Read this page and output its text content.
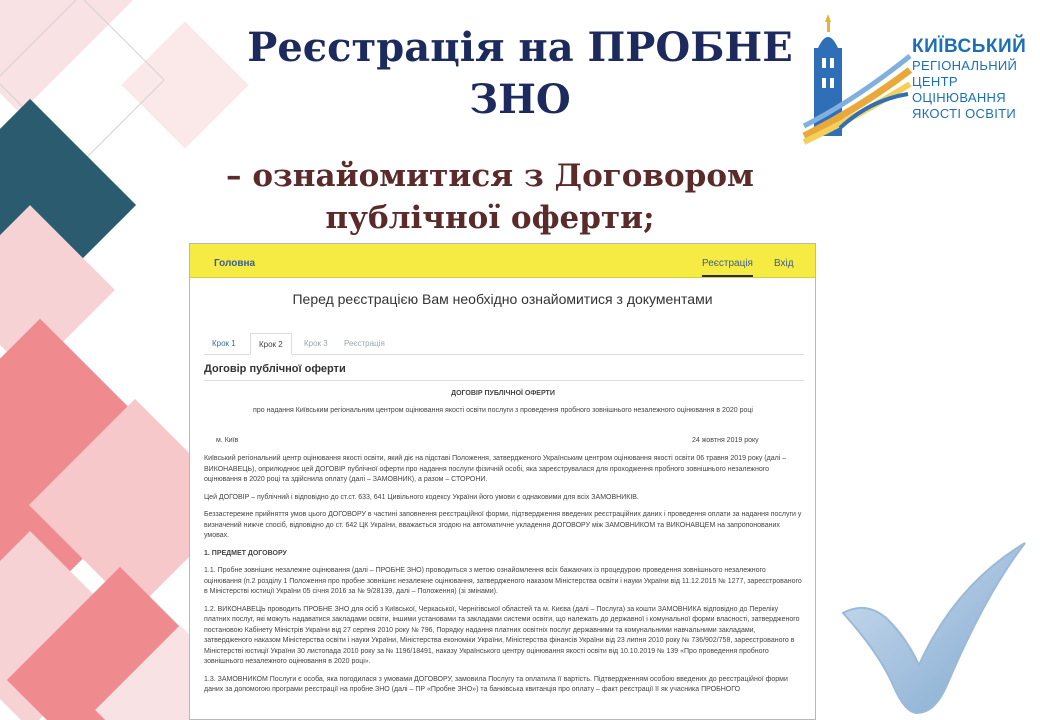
Реєстрація на ПРОБНЕ ЗНО
– ознайомитися з Договором публічної оферти;
КИЇВСЬКИЙ
РЕГІОНАЛЬНИЙ
ЦЕНТР ОЦІНЮВАННЯ
ЯКОСТІ ОСВІТИ
Головна	Реєстрація Вхід
Перед реєстрацією Вам необхідно ознайомитися з документами
Крок 1	Крок 2	Крок 3	Реєстрація
Договір публічної оферти
ДОГОВІР ПУБЛІЧНОЇ ОФЕРТИ
про надання Київським регіональним центром оцінювання якості освіти послуги з проведення пробного зовнішнього незалежного оцінювання в 2020 році
м. Київ	24 жовтня 2019 року
Київський регіональний центр оцінювання якості освіти, який діє на підставі Положення, затвердженого Українським центром оцінювання якості освіти 06 травня 2019 року (далі – ВИКОНАВЕЦЬ), оприлюднює цей ДОГОВІР публічної оферти про надання послуги фізичній особі, яка зареєструвалася для проходження пробного зовнішнього незалежного оцінювання в 2020 році та здійснила оплату (далі – ЗАМОВНИК), а разом – СТОРОНИ.
Цей ДОГОВІР – публічний і відповідно до ст.ст. 633, 641 Цивільного кодексу України його умови є однаковими для всіх ЗАМОВНИКІВ.
Беззастережне прийняття умов цього ДОГОВОРУ в частині заповнення реєстраційної форми, підтвердження введених реєстраційних даних і проведення оплати за надання послуги у визначений нижче спосіб, відповідно до ст. 642 ЦК України, вважається згодою на автоматичне укладення ДОГОВОРУ між ЗАМОВНИКОМ та ВИКОНАВЦЕМ на запропонованих умовах.
1. ПРЕДМЕТ ДОГОВОРУ
1.1. Пробне зовнішнє незалежне оцінювання (далі – ПРОБНЕ ЗНО) проводиться з метою ознайомлення всіх бажаючих із процедурою проведення зовнішнього незалежного оцінювання (п.2 розділу 1 Положення про пробне зовнішнє незалежне оцінювання, затвердженого наказом Міністерства освіти і науки України від 11.12.2015 № 1277, зареєстрованого в Міністерстві юстиції України 05 січня 2016 за № 9/28139, далі – Положення) (зі змінами).
1.2. ВИКОНАВЕЦЬ проводить ПРОБНЕ ЗНО для осіб з Київської, Черкаської, Чернігівської областей та м. Києва (далі – Послуга) за кошти ЗАМОВНИКА відповідно до Переліку платних послуг, які можуть надаватися закладами освіти, іншими установами та закладами системи освіти, що належать до державної і комунальної форми власності, затвердженого постановою Кабінету Міністрів України від 27 серпня 2010 року № 796, Порядку надання платних освітніх послуг державними та комунальними навчальними закладами, затвердженого наказом Міністерства освіти і науки України, Міністерства економіки України, Міністерства фінансів України від 23 липня 2010 року № 736/902/758, зареєстрованого в Міністерстві юстиції України 30 листопада 2010 року за № 1196/18491, наказу Українського центру оцінювання якості освіти від 10.10.2019 № 139 «Про проведення пробного зовнішнього незалежного оцінювання в 2020 році».
1.3. ЗАМОВНИКОМ Послуги є особа, яка погодилася з умовами ДОГОВОРУ, замовила Послугу та оплатила її вартість. Підтвердженням особою введених до реєстраційної форми даних за допомогою програми реєстрації на пробне ЗНО (далі – ПР «Пробне ЗНО») та банківська квитанція про оплату – факт реєстрації її як учасника ПРОБНОГО
